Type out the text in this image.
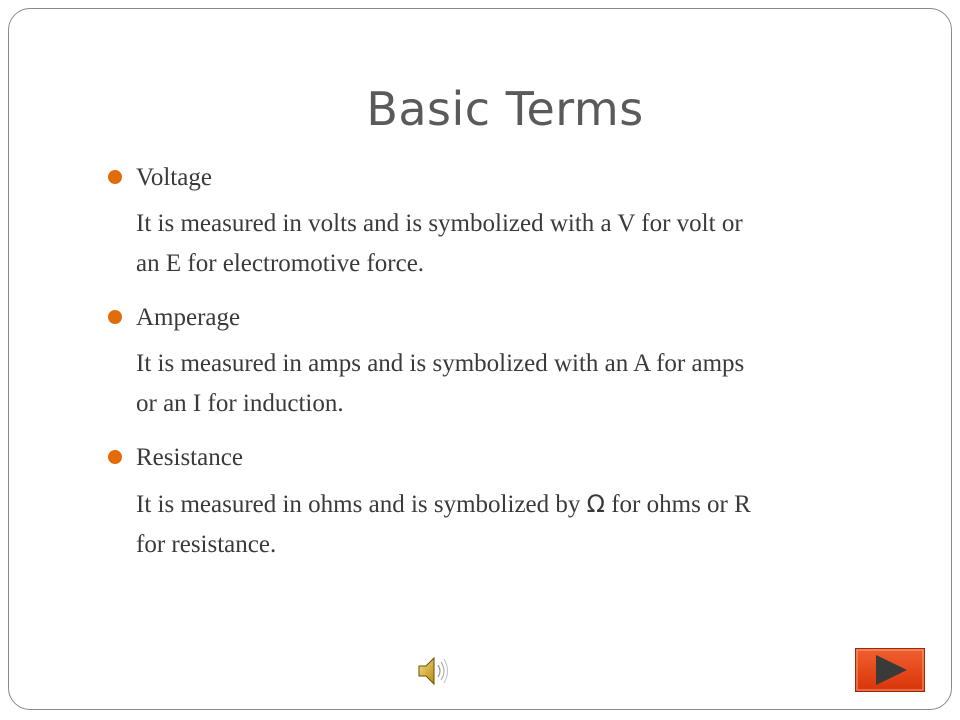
Basic Terms
Voltage
It is measured in volts and is symbolized with a V for volt or
an E for electromotive force.
Amperage
It is measured in amps and is symbolized with an A for amps
or an I for induction.
Resistance
It is measured in ohms and is symbolized by Ω for ohms or R
for resistance.
